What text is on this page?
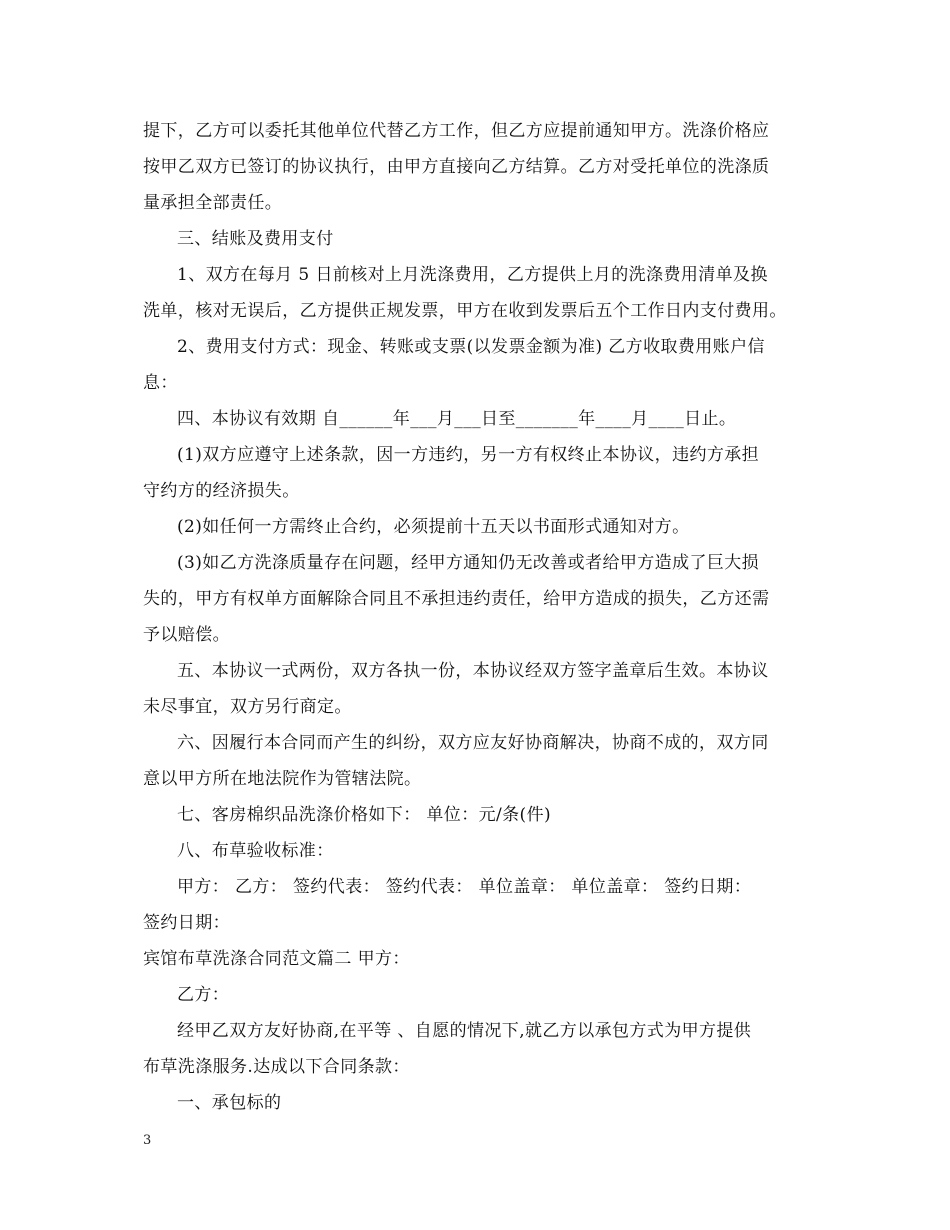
提下，乙方可以委托其他单位代替乙方工作，但乙方应提前通知甲方。洗涤价格应
按甲乙双方已签订的协议执行，由甲方直接向乙方结算。乙方对受托单位的洗涤质
量承担全部责任。
三、结账及费用支付
1、双方在每月 5 日前核对上月洗涤费用，乙方提供上月的洗涤费用清单及换
洗单，核对无误后，乙方提供正规发票，甲方在收到发票后五个工作日内支付费用。
2、费用支付方式：现金、转账或支票(以发票金额为准) 乙方收取费用账户信
息：
四、本协议有效期 自______年___月___日至_______年____月____日止。
(1)双方应遵守上述条款，因一方违约，另一方有权终止本协议，违约方承担
守约方的经济损失。
(2)如任何一方需终止合约，必须提前十五天以书面形式通知对方。
(3)如乙方洗涤质量存在问题，经甲方通知仍无改善或者给甲方造成了巨大损
失的，甲方有权单方面解除合同且不承担违约责任，给甲方造成的损失，乙方还需
予以赔偿。
五、本协议一式两份，双方各执一份，本协议经双方签字盖章后生效。本协议
未尽事宜，双方另行商定。
六、因履行本合同而产生的纠纷，双方应友好协商解决，协商不成的，双方同
意以甲方所在地法院作为管辖法院。
七、客房棉织品洗涤价格如下： 单位：元/条(件)
八、布草验收标准：
甲方： 乙方： 签约代表： 签约代表： 单位盖章： 单位盖章： 签约日期：
签约日期：
宾馆布草洗涤合同范文篇二 甲方：
乙方：
经甲乙双方友好协商,在平等 、自愿的情况下,就乙方以承包方式为甲方提供
布草洗涤服务.达成以下合同条款：
一、承包标的
3
